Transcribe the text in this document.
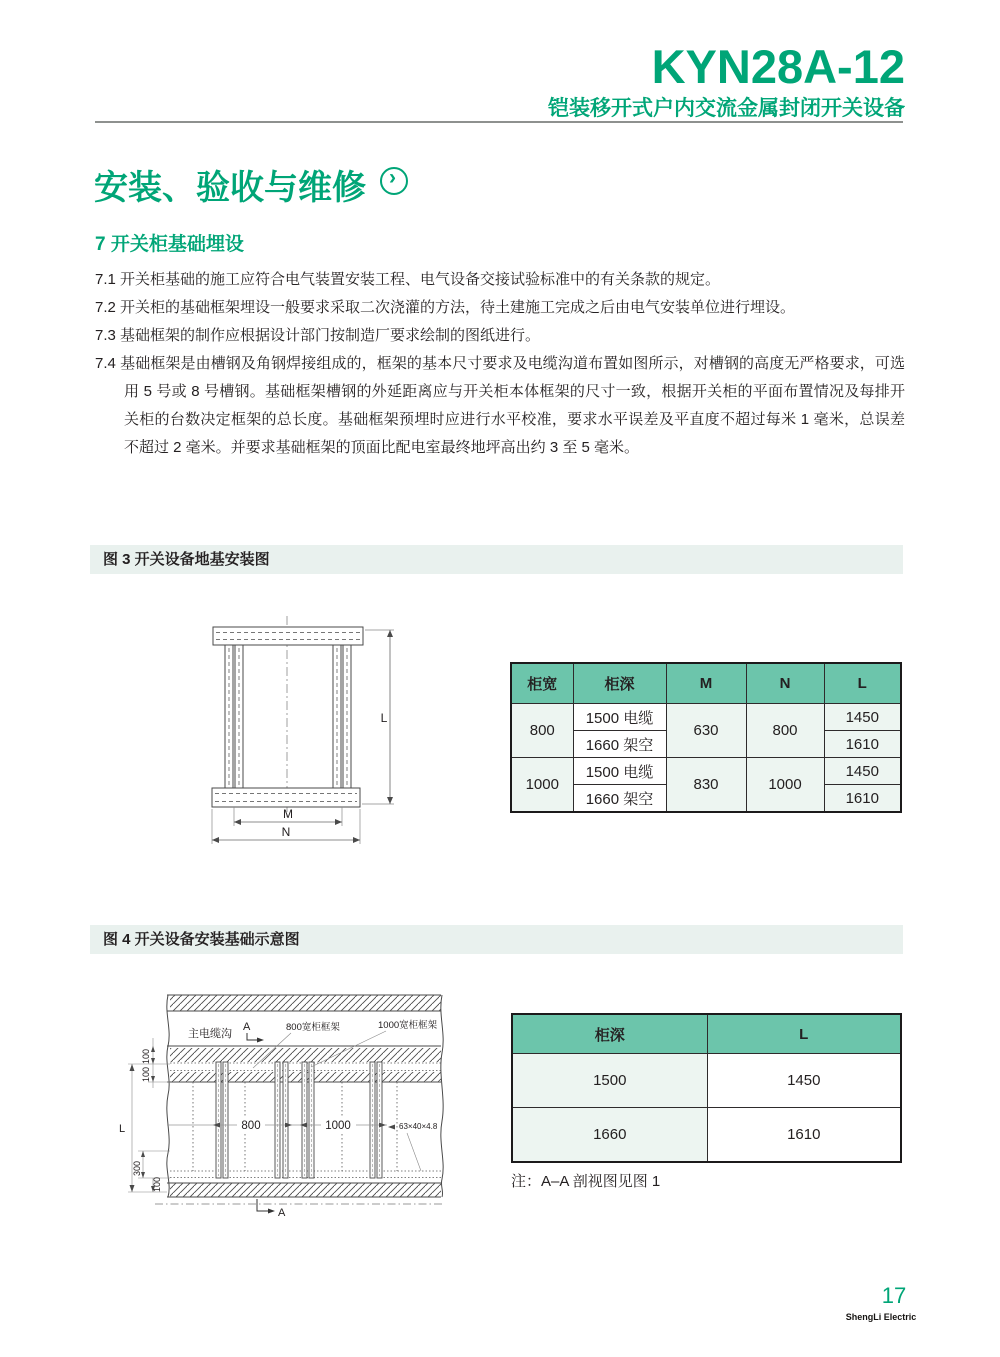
KYN28A-12
铠装移开式户内交流金属封闭开关设备
安装、验收与维修 ›
7 开关柜基础埋设

7.1 开关柜基础的施工应符合电气装置安装工程、电气设备交接试验标准中的有关条款的规定。

7.2 开关柜的基础框架埋设一般要求采取二次浇灌的方法，待土建施工完成之后由电气安装单位进行埋设。

7.3 基础框架的制作应根据设计部门按制造厂要求绘制的图纸进行。

7.4 基础框架是由槽钢及角钢焊接组成的，框架的基本尺寸要求及电缆沟道布置如图所示，对槽钢的高度无严格要求，可选用 5 号或 8 号槽钢。基础框架槽钢的外延距离应与开关柜本体框架的尺寸一致，根据开关柜的平面布置情况及每排开关柜的台数决定框架的总长度。基础框架预埋时应进行水平校准，要求水平误差及平直度不超过每米 1 毫米，总误差不超过 2 毫米。并要求基础框架的顶面比配电室最终地坪高出约 3 至 5 毫米。

图 3 开关设备地基安装图
L
M
N
柜宽	柜深	M	N	L
800	1500 电缆	630	800	1450
	1660 架空			1610
1000	1500 电缆	830	1000	1450
	1660 架空			1610
图 4 开关设备安装基础示意图
800	1000	63×40×4.8
主电缆沟
A	800宽柜框架	1000宽柜框架
100
100
L
300
100
A
柜深	L
1500	1450
1660	1610
注：A–A 剖视图见图 1
17
ShengLi Electric
